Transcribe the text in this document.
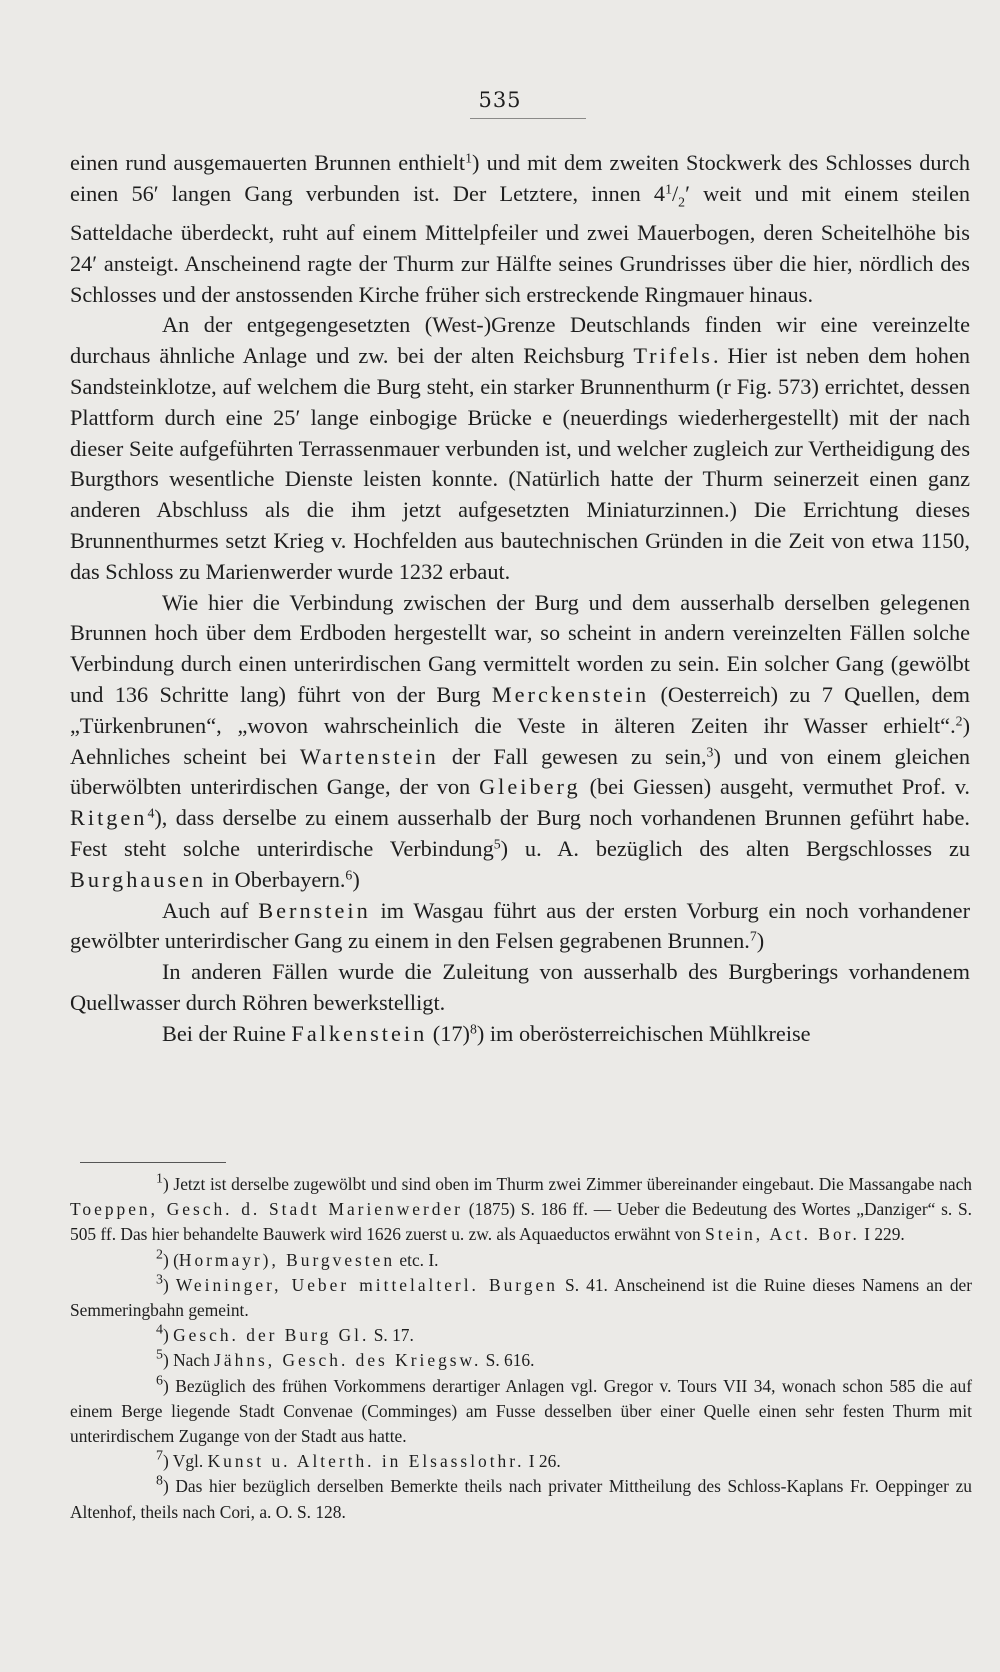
535

einen rund ausgemauerten Brunnen enthielt$^1$) und mit dem zweiten Stockwerk des Schlosses durch einen 56′ langen Gang verbunden ist. Der Letztere, innen $4^1/_2'$ weit und mit einem steilen Satteldache überdeckt, ruht auf einem Mittelpfeiler und zwei Mauerbogen, deren Scheitelhöhe bis 24′ ansteigt. Anscheinend ragte der Thurm zur Hälfte seines Grundrisses über die hier, nördlich des Schlosses und der anstossenden Kirche früher sich erstreckende Ringmauer hinaus.

An der entgegengesetzten (West-)Grenze Deutschlands finden wir eine vereinzelte durchaus ähnliche Anlage und zw. bei der alten Reichsburg Trifels. Hier ist neben dem hohen Sandsteinklotze, auf welchem die Burg steht, ein starker Brunnenthurm (r Fig. 573) errichtet, dessen Plattform durch eine 25′ lange einbogige Brücke e (neuerdings wiederhergestellt) mit der nach dieser Seite aufgeführten Terrassenmauer verbunden ist, und welcher zugleich zur Vertheidigung des Burgthors wesentliche Dienste leisten konnte. (Natürlich hatte der Thurm seinerzeit einen ganz anderen Abschluss als die ihm jetzt aufgesetzten Miniaturzinnen.) Die Errichtung dieses Brunnenthurmes setzt Krieg v. Hochfelden aus bautechnischen Gründen in die Zeit von etwa 1150, das Schloss zu Marienwerder wurde 1232 erbaut.

Wie hier die Verbindung zwischen der Burg und dem ausserhalb derselben gelegenen Brunnen hoch über dem Erdboden hergestellt war, so scheint in andern vereinzelten Fällen solche Verbindung durch einen unterirdischen Gang vermittelt worden zu sein. Ein solcher Gang (gewölbt und 136 Schritte lang) führt von der Burg Merckenstein (Oesterreich) zu 7 Quellen, dem „Türkenbrunen“, „wovon wahrscheinlich die Veste in älteren Zeiten ihr Wasser erhielt“.$^2$) Aehnliches scheint bei Wartenstein der Fall gewesen zu sein,$^3$) und von einem gleichen überwölbten unterirdischen Gange, der von Gleiberg (bei Giessen) ausgeht, vermuthet Prof. v. Ritgen$^4$), dass derselbe zu einem ausserhalb der Burg noch vorhandenen Brunnen geführt habe. Fest steht solche unterirdische Verbindung$^5$) u. A. bezüglich des alten Bergschlosses zu Burghausen in Oberbayern.$^6$)

Auch auf Bernstein im Wasgau führt aus der ersten Vorburg ein noch vorhandener gewölbter unterirdischer Gang zu einem in den Felsen gegrabenen Brunnen.$^7$)

In anderen Fällen wurde die Zuleitung von ausserhalb des Burgberings vorhandenem Quellwasser durch Röhren bewerkstelligt.

Bei der Ruine Falkenstein $(17)^8$) im oberösterreichischen Mühlkreise

$^1$) Jetzt ist derselbe zugewölbt und sind oben im Thurm zwei Zimmer übereinander eingebaut. Die Massangabe nach Toeppen, Gesch. d. Stadt Marienwerder (1875) S. 186 ff. — Ueber die Bedeutung des Wortes „Danziger“ s. S. 505 ff. Das hier behandelte Bauwerk wird 1626 zuerst u. zw. als Aquaeductos erwähnt von Stein, Act. Bor. I 229.

$^2$) (Hormayr), Burgvesten etc. I.

$^3$) Weininger, Ueber mittelalterl. Burgen S. 41. Anscheinend ist die Ruine dieses Namens an der Semmeringbahn gemeint.

$^4$) Gesch. der Burg Gl. S. 17.

$^5$) Nach Jähns, Gesch. des Kriegsw. S. 616.

$^6$) Bezüglich des frühen Vorkommens derartiger Anlagen vgl. Gregor v. Tours VII 34, wonach schon 585 die auf einem Berge liegende Stadt Convenae (Comminges) am Fusse desselben über einer Quelle einen sehr festen Thurm mit unterirdischem Zugange von der Stadt aus hatte.

$^7$) Vgl. Kunst u. Alterth. in Elsasslothr. I 26.

$^8$) Das hier bezüglich derselben Bemerkte theils nach privater Mittheilung des Schloss-Kaplans Fr. Oeppinger zu Altenhof, theils nach Cori, a. O. S. 128.
